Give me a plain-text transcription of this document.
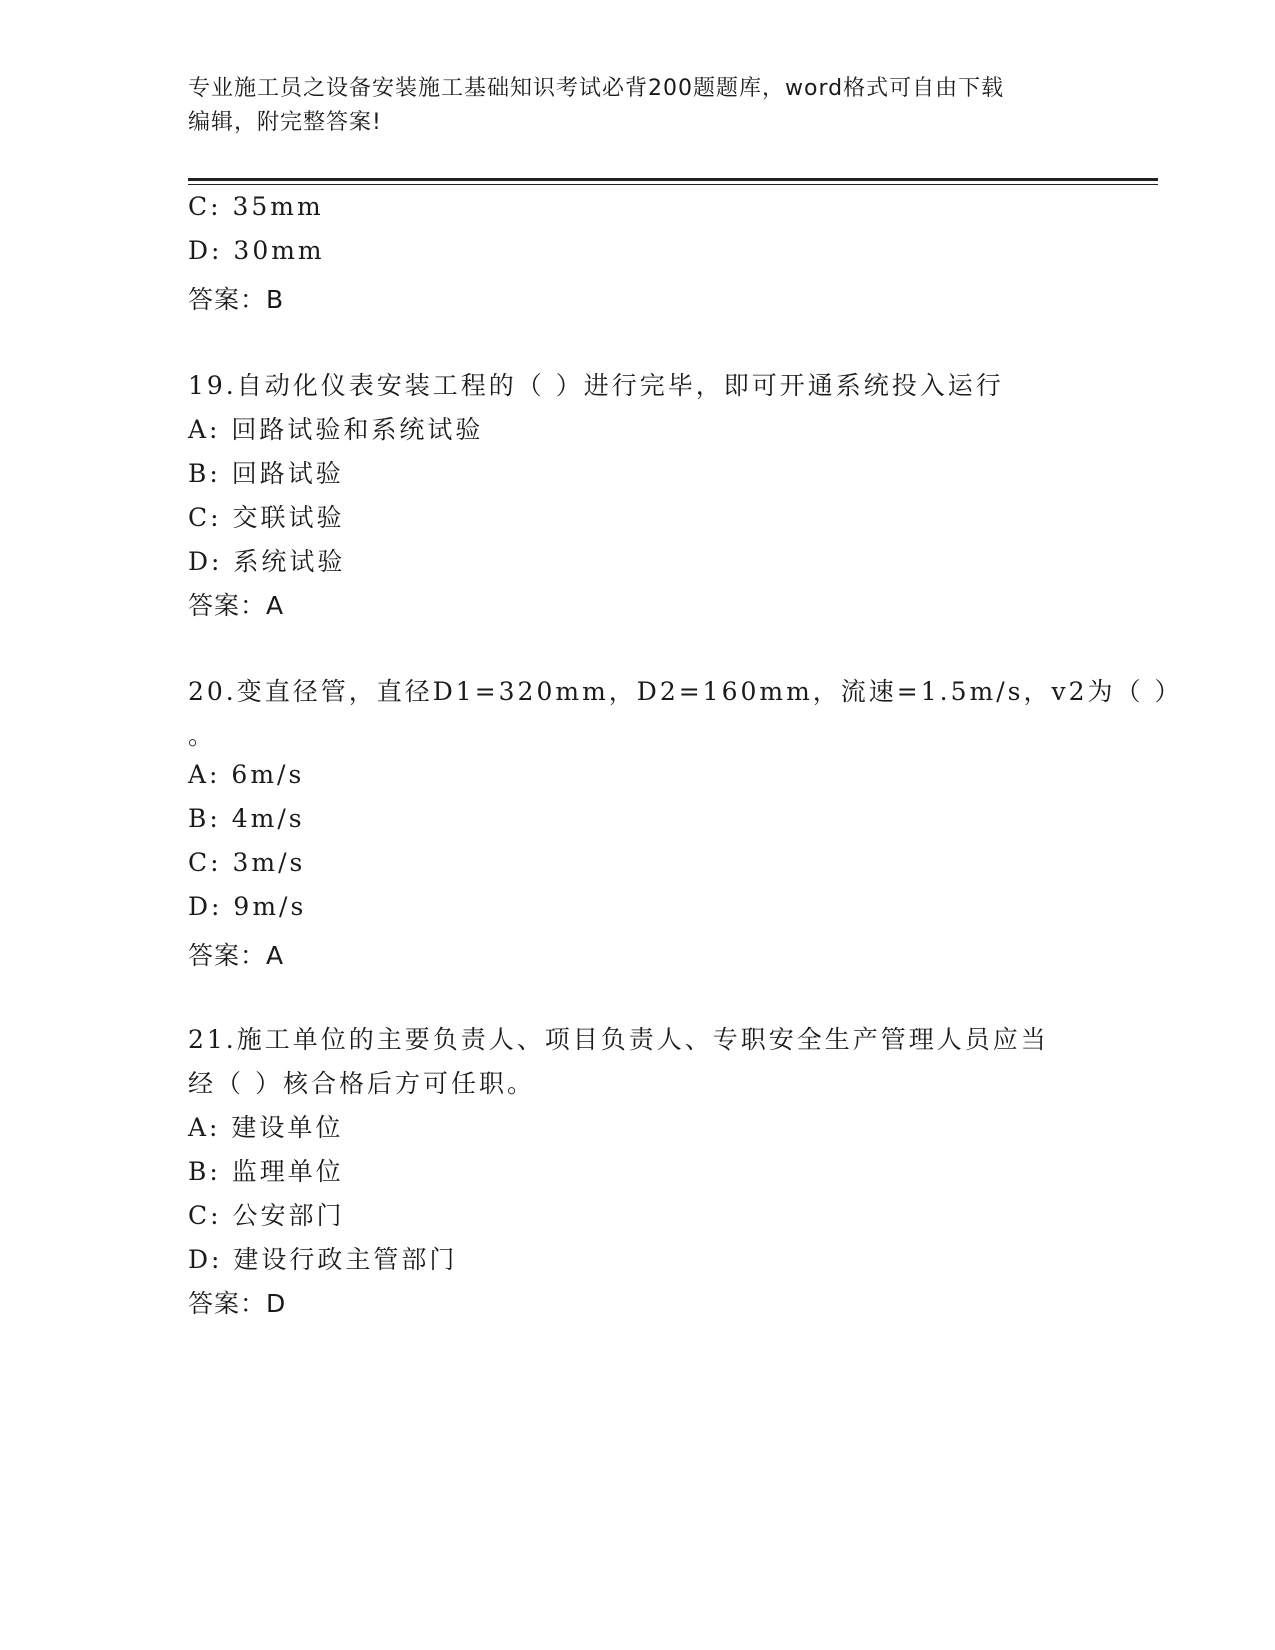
专业施工员之设备安装施工基础知识考试必背200题题库，word格式可自由下载
编辑，附完整答案!
C: 35mm
D: 30mm
答案：B
19.自动化仪表安装工程的（ ）进行完毕，即可开通系统投入运行
A: 回路试验和系统试验
B: 回路试验
C: 交联试验
D: 系统试验
答案：A
20.变直径管，直径D1=320mm，D2=160mm，流速=1.5m/s，v2为（ ）
。
A: 6m/s
B: 4m/s
C: 3m/s
D: 9m/s
答案：A
21.施工单位的主要负责人、项目负责人、专职安全生产管理人员应当
经（ ）核合格后方可任职。
A: 建设单位
B: 监理单位
C: 公安部门
D: 建设行政主管部门
答案：D
